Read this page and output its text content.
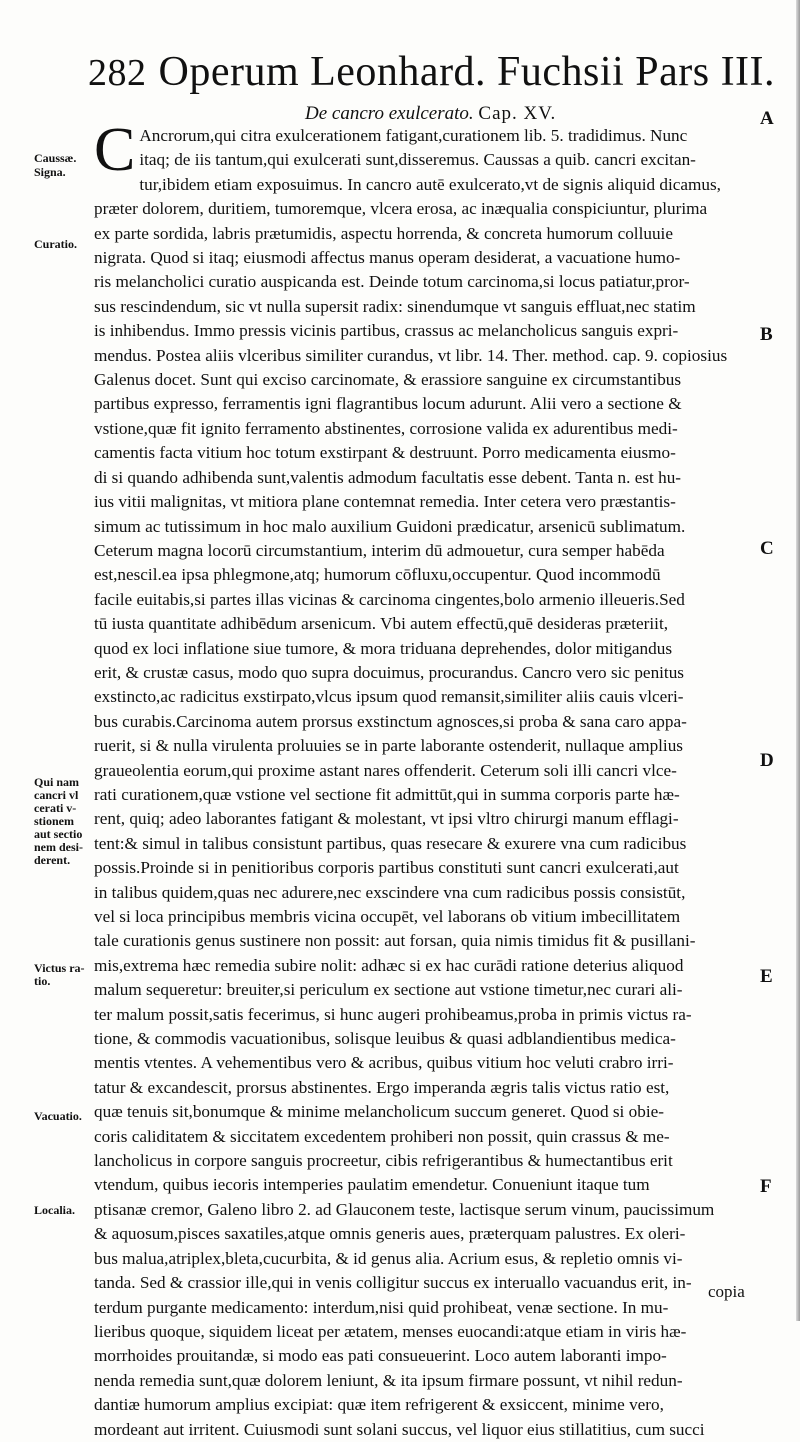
282 Operum Leonhard. Fuchsii Pars III.
De cancro exulcerato. Cap. XV.
Caussæ.
Signa.
Curatio.
Qui nam cancri vl cerati v- stionem aut sectio nem desi- derent.
Victus ra- tio.
Vacuatio.
Localia.
A
B
C
D
E
F
C Ancrorum,qui citra exulcerationem fatigant,curationem lib. 5. tradidimus. Nunc
itaq; de iis tantum,qui exulcerati sunt,disseremus. Caussas a quib. cancri excitan-
tur,ibidem etiam exposuimus. In cancro autē exulcerato,vt de signis aliquid dicamus,
præter dolorem, duritiem, tumoremque, vlcera erosa, ac inæqualia conspiciuntur, plurima
ex parte sordida, labris prætumidis, aspectu horrenda, & concreta humorum colluuie
nigrata. Quod si itaq; eiusmodi affectus manus operam desiderat, a vacuatione humo-
ris melancholici curatio auspicanda est. Deinde totum carcinoma,si locus patiatur,pror-
sus rescindendum, sic vt nulla supersit radix: sinendumque vt sanguis effluat,nec statim
is inhibendus. Immo pressis vicinis partibus, crassus ac melancholicus sanguis expri-
mendus. Postea aliis vlceribus similiter curandus, vt libr. 14. Ther. method. cap. 9. copiosius
Galenus docet. Sunt qui exciso carcinomate, & erassiore sanguine ex circumstantibus
partibus expresso, ferramentis igni flagrantibus locum adurunt. Alii vero a sectione &
vstione,quæ fit ignito ferramento abstinentes, corrosione valida ex adurentibus medi-
camentis facta vitium hoc totum exstirpant & destruunt. Porro medicamenta eiusmo-
di si quando adhibenda sunt,valentis admodum facultatis esse debent. Tanta n. est hu-
ius vitii malignitas, vt mitiora plane contemnat remedia. Inter cetera vero præstantis-
simum ac tutissimum in hoc malo auxilium Guidoni prædicatur, arsenicū sublimatum.
Ceterum magna locorū circumstantium, interim dū admouetur, cura semper habēda
est,nescil.ea ipsa phlegmone,atq; humorum cōfluxu,occupentur. Quod incommodū
facile euitabis,si partes illas vicinas & carcinoma cingentes,bolo armenio illeueris.Sed
tū iusta quantitate adhibēdum arsenicum. Vbi autem effectū,quē desideras præteriit,
quod ex loci inflatione siue tumore, & mora triduana deprehendes, dolor mitigandus
erit, & crustæ casus, modo quo supra docuimus, procurandus. Cancro vero sic penitus
exstincto,ac radicitus exstirpato,vlcus ipsum quod remansit,similiter aliis cauis vlceri-
bus curabis.Carcinoma autem prorsus exstinctum agnosces,si proba & sana caro appa-
ruerit, si & nulla virulenta proluuies se in parte laborante ostenderit, nullaque amplius
graueolentia eorum,qui proxime astant nares offenderit. Ceterum soli illi cancri vlce-
rati curationem,quæ vstione vel sectione fit admittūt,qui in summa corporis parte hæ-
rent, quiq; adeo laborantes fatigant & molestant, vt ipsi vltro chirurgi manum efflagi-
tent:& simul in talibus consistunt partibus, quas resecare & exurere vna cum radicibus
possis.Proinde si in penitioribus corporis partibus constituti sunt cancri exulcerati,aut
in talibus quidem,quas nec adurere,nec exscindere vna cum radicibus possis consistūt,
vel si loca principibus membris vicina occupēt, vel laborans ob vitium imbecillitatem
tale curationis genus sustinere non possit: aut forsan, quia nimis timidus fit & pusillani-
mis,extrema hæc remedia subire nolit: adhæc si ex hac curādi ratione deterius aliquod
malum sequeretur: breuiter,si periculum ex sectione aut vstione timetur,nec curari ali-
ter malum possit,satis fecerimus, si hunc augeri prohibeamus,proba in primis victus ra-
tione, & commodis vacuationibus, solisque leuibus & quasi adblandientibus medica-
mentis vtentes. A vehementibus vero & acribus, quibus vitium hoc veluti crabro irri-
tatur & excandescit, prorsus abstinentes. Ergo imperanda ægris talis victus ratio est,
quæ tenuis sit,bonumque & minime melancholicum succum generet. Quod si obie-
coris caliditatem & siccitatem excedentem prohiberi non possit, quin crassus & me-
lancholicus in corpore sanguis procreetur, cibis refrigerantibus & humectantibus erit
vtendum, quibus iecoris intemperies paulatim emendetur. Conueniunt itaque tum
ptisanæ cremor, Galeno libro 2. ad Glauconem teste, lactisque serum vinum, paucissimum
& aquosum,pisces saxatiles,atque omnis generis aues, præterquam palustres. Ex oleri-
bus malua,atriplex,bleta,cucurbita, & id genus alia. Acrium esus, & repletio omnis vi-
tanda. Sed & crassior ille,qui in venis colligitur succus ex interuallo vacuandus erit, in-
terdum purgante medicamento: interdum,nisi quid prohibeat, venæ sectione. In mu-
lieribus quoque, siquidem liceat per ætatem, menses euocandi:atque etiam in viris hæ-
morrhoides prouitandæ, si modo eas pati consueuerint. Loco autem laboranti impo-
nenda remedia sunt,quæ dolorem leniunt, & ita ipsum firmare possunt, vt nihil redun-
dantiæ humorum amplius excipiat: quæ item refrigerent & exsiccent, minime vero,
mordeant aut irritent. Cuiusmodi sunt solani succus, vel liquor eius stillatitius, cum succi
copia
